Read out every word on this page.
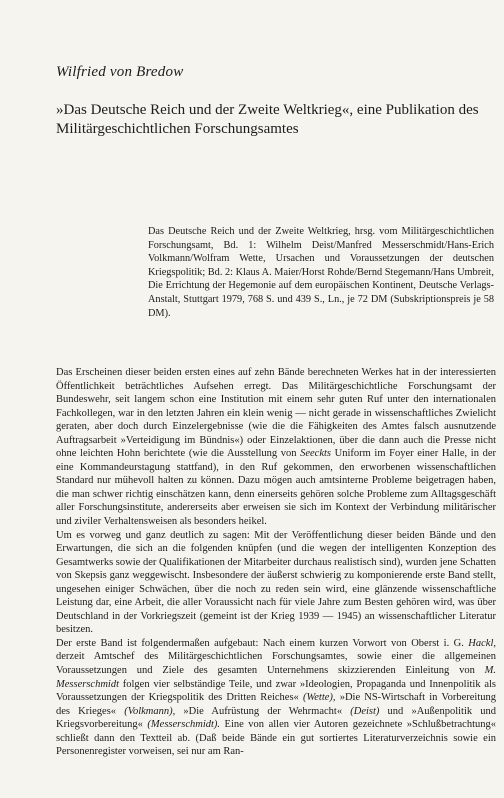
Wilfried von Bredow
»Das Deutsche Reich und der Zweite Weltkrieg«, eine Publikation des Militärgeschichtlichen Forschungsamtes
Das Deutsche Reich und der Zweite Weltkrieg, hrsg. vom Militärgeschichtlichen Forschungsamt, Bd. 1: Wilhelm Deist/Manfred Messerschmidt/Hans-Erich Volkmann/Wolfram Wette, Ursachen und Voraussetzungen der deutschen Kriegspolitik; Bd. 2: Klaus A. Maier/Horst Rohde/Bernd Stegemann/Hans Umbreit, Die Errichtung der Hegemonie auf dem europäischen Kontinent, Deutsche Verlags-Anstalt, Stuttgart 1979, 768 S. und 439 S., Ln., je 72 DM (Subskriptionspreis je 58 DM).

Das Erscheinen dieser beiden ersten eines auf zehn Bände berechneten Werkes hat in der interessierten Öffentlichkeit beträchtliches Aufsehen erregt. Das Militärgeschichtliche Forschungsamt der Bundeswehr, seit langem schon eine Institution mit einem sehr guten Ruf unter den internationalen Fachkollegen, war in den letzten Jahren ein klein wenig — nicht gerade in wissenschaftliches Zwielicht geraten, aber doch durch Einzelergebnisse (wie die die Fähigkeiten des Amtes falsch ausnutzende Auftragsarbeit »Verteidigung im Bündnis«) oder Einzelaktionen, über die dann auch die Presse nicht ohne leichten Hohn berichtete (wie die Ausstellung von Seeckts Uniform im Foyer einer Halle, in der eine Kommandeurstagung stattfand), in den Ruf gekommen, den erworbenen wissenschaftlichen Standard nur mühevoll halten zu können. Dazu mögen auch amtsinterne Probleme beigetragen haben, die man schwer richtig einschätzen kann, denn einerseits gehören solche Probleme zum Alltagsgeschäft aller Forschungsinstitute, andererseits aber erweisen sie sich im Kontext der Verbindung militärischer und ziviler Verhaltensweisen als besonders heikel.

Um es vorweg und ganz deutlich zu sagen: Mit der Veröffentlichung dieser beiden Bände und den Erwartungen, die sich an die folgenden knüpfen (und die wegen der intelligenten Konzeption des Gesamtwerks sowie der Qualifikationen der Mitarbeiter durchaus realistisch sind), wurden jene Schatten von Skepsis ganz weggewischt. Insbesondere der äußerst schwierig zu komponierende erste Band stellt, ungesehen einiger Schwächen, über die noch zu reden sein wird, eine glänzende wissenschaftliche Leistung dar, eine Arbeit, die aller Voraussicht nach für viele Jahre zum Besten gehören wird, was über Deutschland in der Vorkriegszeit (gemeint ist der Krieg 1939 — 1945) an wissenschaftlicher Literatur besitzen.

Der erste Band ist folgendermaßen aufgebaut: Nach einem kurzen Vorwort von Oberst i. G. Hackl, derzeit Amtschef des Militärgeschichtlichen Forschungsamtes, sowie einer die allgemeinen Voraussetzungen und Ziele des gesamten Unternehmens skizzierenden Einleitung von M. Messerschmidt folgen vier selbständige Teile, und zwar »Ideologien, Propaganda und Innenpolitik als Voraussetzungen der Kriegspolitik des Dritten Reiches« (Wette), »Die NS-Wirtschaft in Vorbereitung des Krieges« (Volkmann), »Die Aufrüstung der Wehrmacht« (Deist) und »Außenpolitik und Kriegsvorbereitung« (Messerschmidt). Eine von allen vier Autoren gezeichnete »Schlußbetrachtung« schließt dann den Textteil ab. (Daß beide Bände ein gut sortiertes Literaturverzeichnis sowie ein Personenregister vorweisen, sei nur am Ran-
